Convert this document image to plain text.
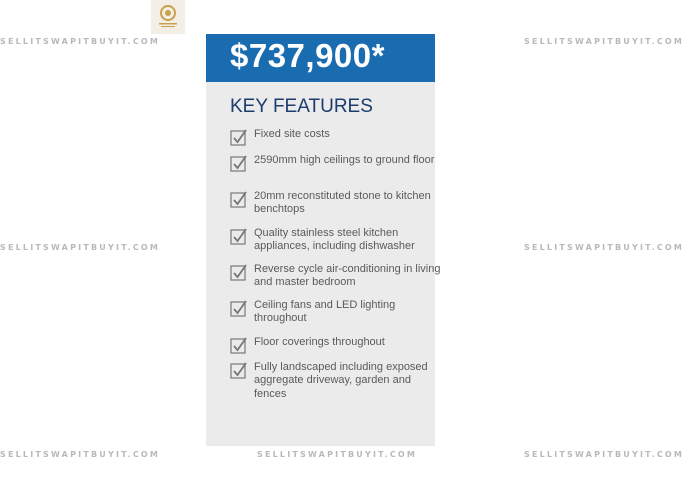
SELLITSWAPITBUYIT.COM	SELLITSWAPITBUYIT.COM
SELLITSWAPITBUYIT.COM	SELLITSWAPITBUYIT.COM
SELLITSWAPITBUYIT.COM	SELLITSWAPITBUYIT.COM	SELLITSWAPITBUYIT.COM
$737,900*
KEY FEATURES
Fixed site costs
2590mm high ceilings to ground floor
20mm reconstituted stone to kitchen benchtops
Quality stainless steel kitchen appliances, including dishwasher
Reverse cycle air-conditioning in living and master bedroom
Ceiling fans and LED lighting throughout
Floor coverings throughout
Fully landscaped including exposed aggregate driveway, garden and fences
